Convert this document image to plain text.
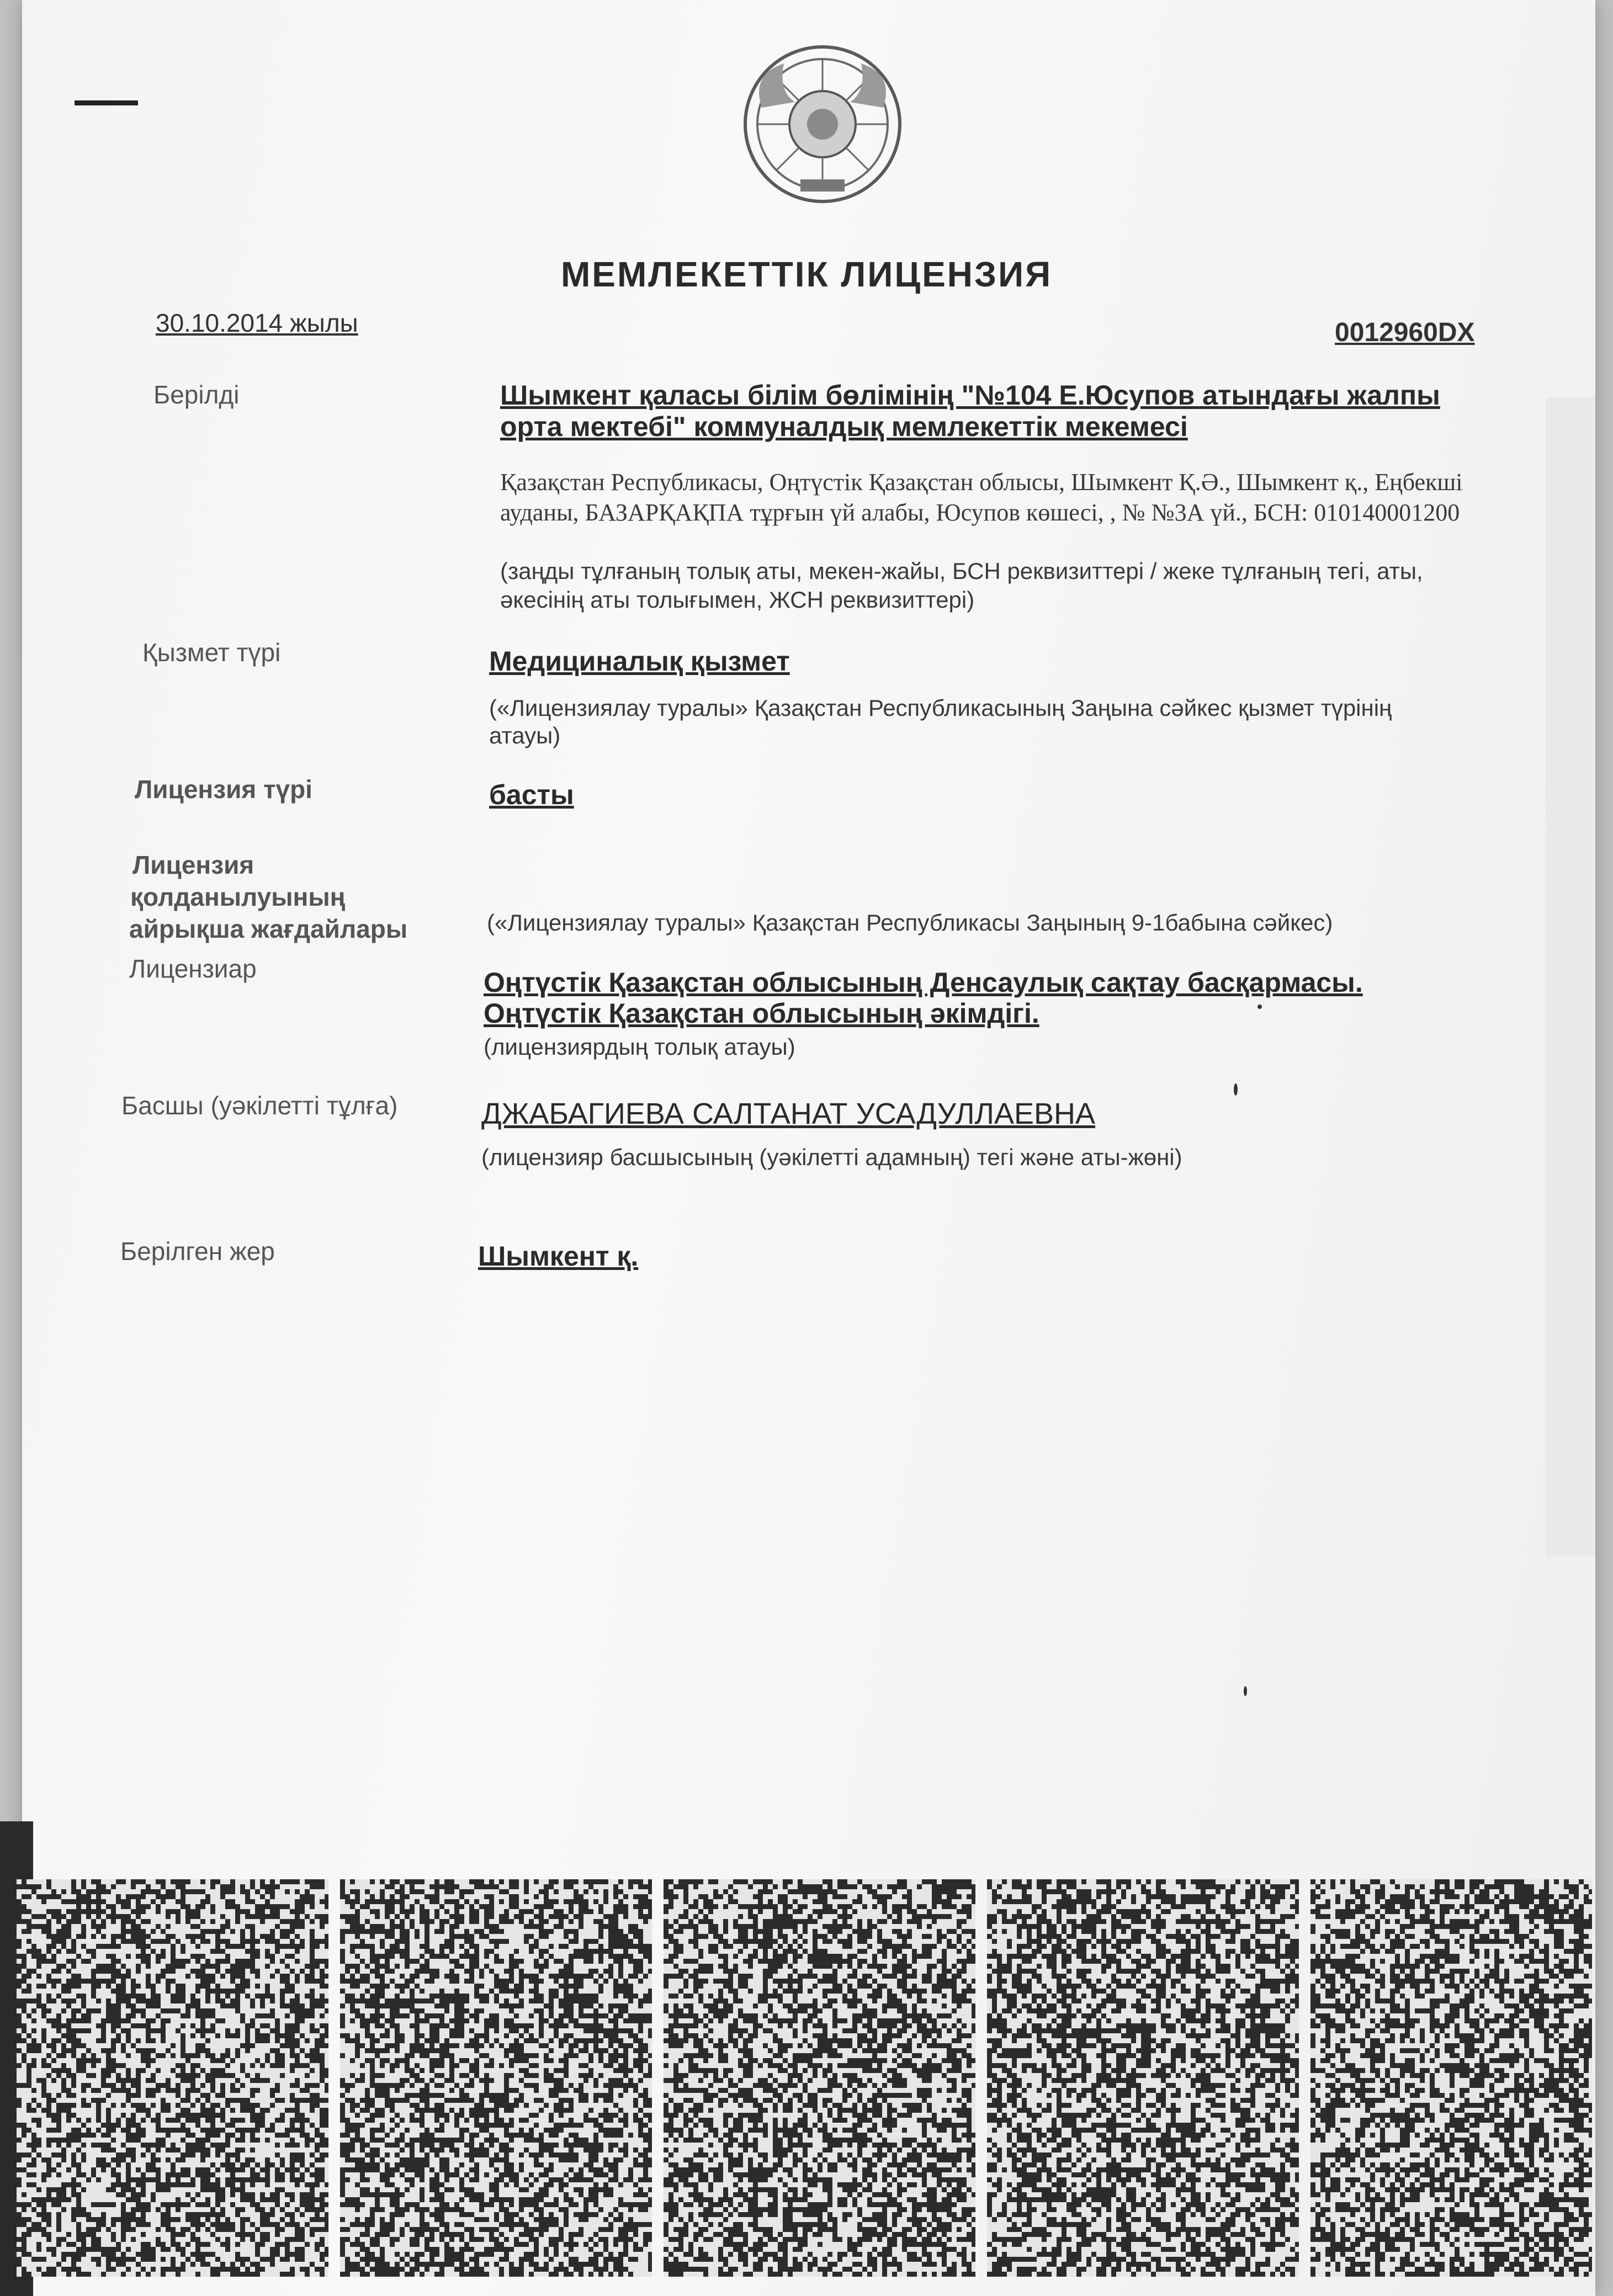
МЕМЛЕКЕТТІК ЛИЦЕНЗИЯ
30.10.2014 жылы	0012960DX
Берілді	Шымкент қаласы білім бөлімінің "№104 Е.Юсупов атындағы жалпы
орта мектебі" коммуналдық мемлекеттік мекемесі
Қазақстан Республикасы, Оңтүстік Қазақстан облысы, Шымкент Қ.Ә., Шымкент қ., Еңбекші
ауданы, БАЗАРҚАҚПА тұрғын үй алабы, Юсупов көшесі, , № №3А үй., БСН: 010140001200
(заңды тұлғаның толық аты, мекен-жайы, БСН реквизиттері / жеке тұлғаның тегі, аты,
әкесінің аты толығымен, ЖСН реквизиттері)
Қызмет түрі	Медициналық қызмет
(«Лицензиялау туралы» Қазақстан Республикасының Заңына сәйкес қызмет түрінің
атауы)
Лицензия түрі	басты
Лицензия
қолданылуының
айрықша жағдайлары	(«Лицензиялау туралы» Қазақстан Республикасы Заңының 9-1бабына сәйкес)
Лицензиар	Оңтүстік Қазақстан облысының Денсаулық сақтау басқармасы.
Оңтүстік Қазақстан облысының әкімдігі.
(лицензиярдың толық атауы)
Басшы (уәкілетті тұлға)	ДЖАБАГИЕВА САЛТАНАТ УСАДУЛЛАЕВНА
(лицензияр басшысының (уәкілетті адамның) тегі және аты-жөні)
Берілген жер	Шымкент қ.
